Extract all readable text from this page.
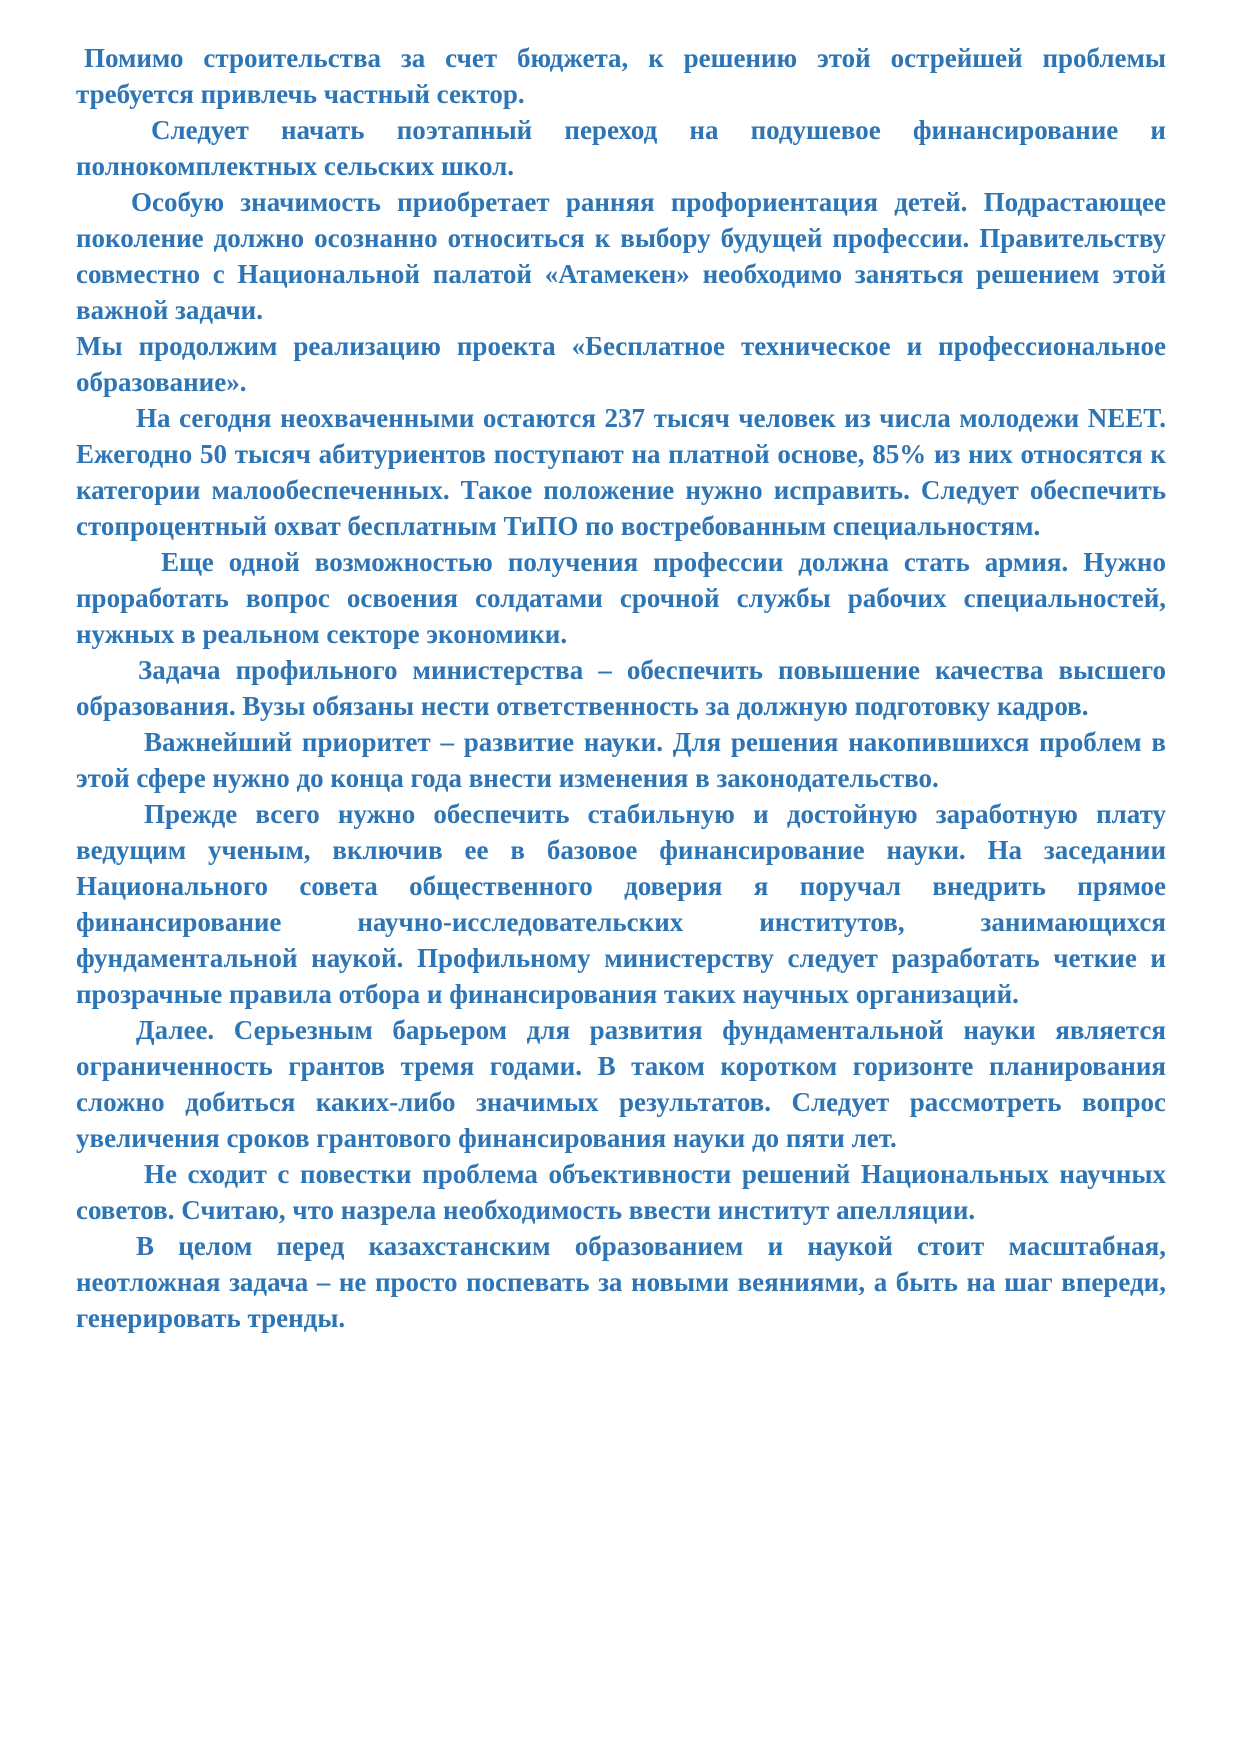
Помимо строительства за счет бюджета, к решению этой острейшей проблемы требуется привлечь частный сектор.

Следует начать поэтапный переход на подушевое финансирование и полнокомплектных сельских школ.

Особую значимость приобретает ранняя профориентация детей. Подрастающее поколение должно осознанно относиться к выбору будущей профессии. Правительству совместно с Национальной палатой «Атамекен» необходимо заняться решением этой важной задачи.

Мы продолжим реализацию проекта «Бесплатное техническое и профессиональное образование».

На сегодня неохваченными остаются 237 тысяч человек из числа молодежи NEET. Ежегодно 50 тысяч абитуриентов поступают на платной основе, 85% из них относятся к категории малообеспеченных. Такое положение нужно исправить. Следует обеспечить стопроцентный охват бесплатным ТиПО по востребованным специальностям.

Еще одной возможностью получения профессии должна стать армия. Нужно проработать вопрос освоения солдатами срочной службы рабочих специальностей, нужных в реальном секторе экономики.

Задача профильного министерства – обеспечить повышение качества высшего образования. Вузы обязаны нести ответственность за должную подготовку кадров.

Важнейший приоритет – развитие науки. Для решения накопившихся проблем в этой сфере нужно до конца года внести изменения в законодательство.

Прежде всего нужно обеспечить стабильную и достойную заработную плату ведущим ученым, включив ее в базовое финансирование науки. На заседании Национального совета общественного доверия я поручал внедрить прямое финансирование научно-исследовательских институтов, занимающихся фундаментальной наукой. Профильному министерству следует разработать четкие и прозрачные правила отбора и финансирования таких научных организаций.

Далее. Серьезным барьером для развития фундаментальной науки является ограниченность грантов тремя годами. В таком коротком горизонте планирования сложно добиться каких-либо значимых результатов. Следует рассмотреть вопрос увеличения сроков грантового финансирования науки до пяти лет.

Не сходит с повестки проблема объективности решений Национальных научных советов. Считаю, что назрела необходимость ввести институт апелляции.

В целом перед казахстанским образованием и наукой стоит масштабная, неотложная задача – не просто поспевать за новыми веяниями, а быть на шаг впереди, генерировать тренды.
